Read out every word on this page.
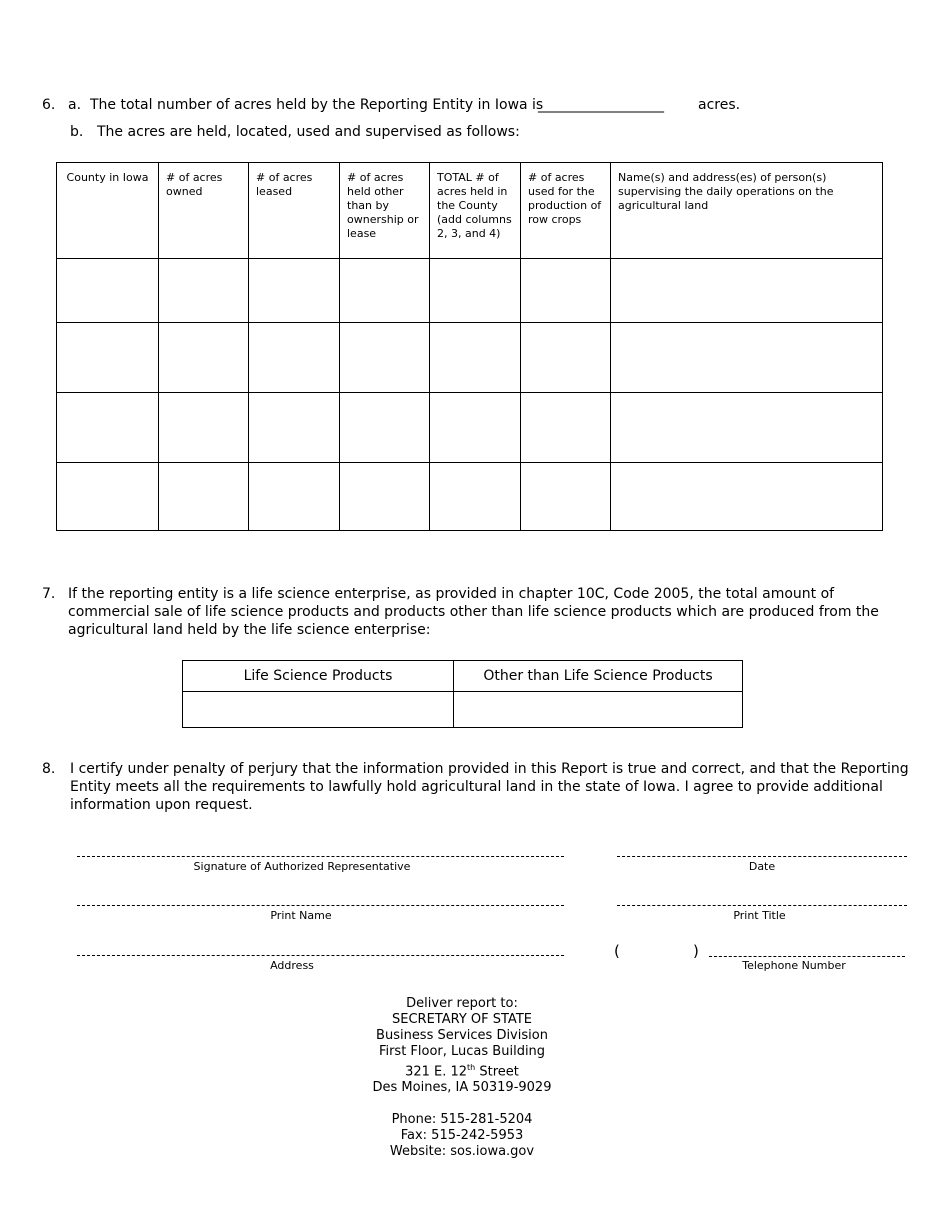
6. a. The total number of acres held by the Reporting Entity in Iowa is
__________________ acres.
b. The acres are held, located, used and supervised as follows:
County in Iowa	# of acres owned	# of acres leased	# of acres held other than by ownership or lease	TOTAL # of acres held in the County (add columns 2, 3, and 4)	# of acres used for the production of row crops	Name(s) and address(es) of person(s) supervising the daily operations on the agricultural land

7. If the reporting entity is a life science enterprise, as provided in chapter 10C, Code 2005, the total amount of commercial sale of life science products and products other than life science products which are produced from the agricultural land held by the life science enterprise:
Life Science Products	Other than Life Science Products

8. I certify under penalty of perjury that the information provided in this Report is true and correct, and that the Reporting Entity meets all the requirements to lawfully hold agricultural land in the state of Iowa. I agree to provide additional information upon request.
Signature of Authorized Representative	Date
Print Name	Print Title
Address
(	)
Telephone Number
Deliver report to:
SECRETARY OF STATE
Business Services Division
First Floor, Lucas Building
321 E. 12th Street
Des Moines, IA 50319-9029
Phone: 515-281-5204
Fax: 515-242-5953
Website: sos.iowa.gov
